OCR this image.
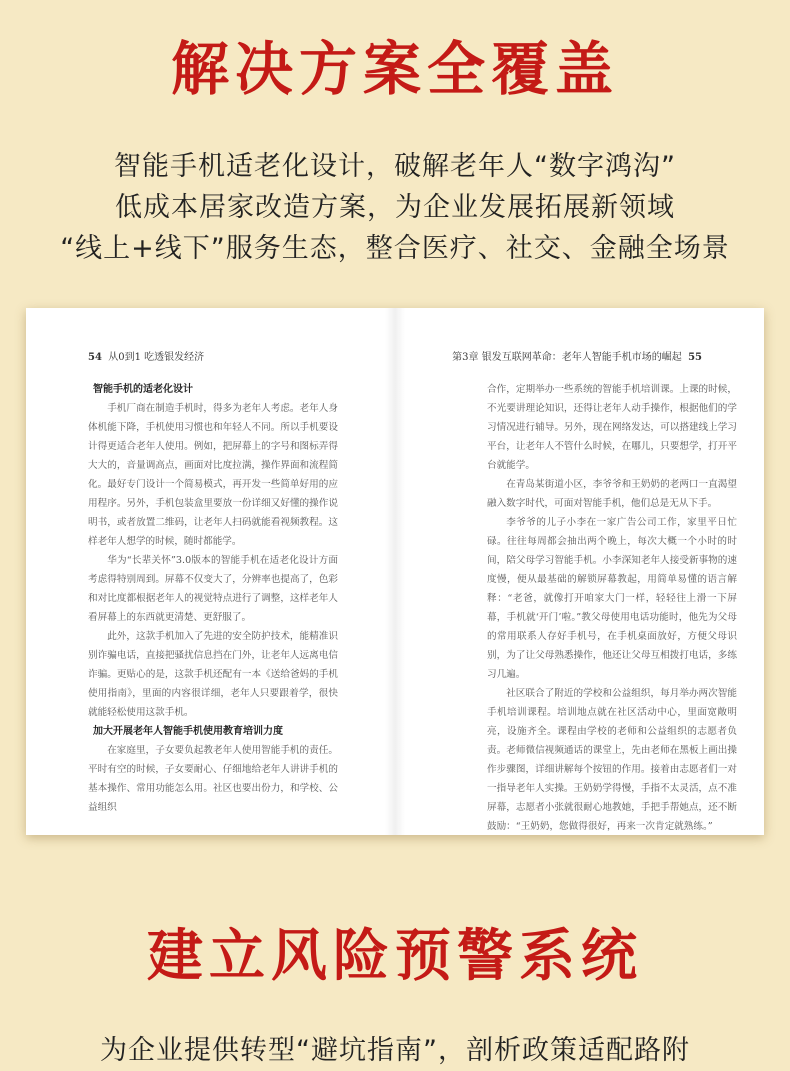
解决方案全覆盖
智能手机适老化设计，破解老年人“数字鸿沟”
低成本居家改造方案，为企业发展拓展新领域
“线上+线下”服务生态，整合医疗、社交、金融全场景
54 从0到1 吃透银发经济

智能手机的适老化设计

手机厂商在制造手机时，得多为老年人考虑。老年人身体机能下降，手机使用习惯也和年轻人不同。所以手机要设计得更适合老年人使用。例如，把屏幕上的字号和图标弄得大大的，音量调高点，画面对比度拉满，操作界面和流程简化。最好专门设计一个简易模式，再开发一些简单好用的应用程序。另外，手机包装盒里要放一份详细又好懂的操作说明书，或者放置二维码，让老年人扫码就能看视频教程。这样老年人想学的时候，随时都能学。

华为“长辈关怀”3.0版本的智能手机在适老化设计方面考虑得特别周到。屏幕不仅变大了，分辨率也提高了，色彩和对比度都根据老年人的视觉特点进行了调整，这样老年人看屏幕上的东西就更清楚、更舒服了。

此外，这款手机加入了先进的安全防护技术，能精准识别诈骗电话，直接把骚扰信息挡在门外，让老年人远离电信诈骗。更贴心的是，这款手机还配有一本《送给爸妈的手机使用指南》，里面的内容很详细，老年人只要跟着学，很快就能轻松使用这款手机。

加大开展老年人智能手机使用教育培训力度

在家庭里，子女要负起教老年人使用智能手机的责任。平时有空的时候，子女要耐心、仔细地给老年人讲讲手机的基本操作、常用功能怎么用。社区也要出份力，和学校、公益组织

第3章 银发互联网革命：老年人智能手机市场的崛起 55

合作，定期举办一些系统的智能手机培训课。上课的时候，不光要讲理论知识，还得让老年人动手操作，根据他们的学习情况进行辅导。另外，现在网络发达，可以搭建线上学习平台，让老年人不管什么时候，在哪儿，只要想学，打开平台就能学。

在青岛某街道小区，李爷爷和王奶奶的老两口一直渴望融入数字时代，可面对智能手机，他们总是无从下手。

李爷爷的儿子小李在一家广告公司工作，家里平日忙碌。往往每周都会抽出两个晚上，每次大概一个小时的时间，陪父母学习智能手机。小李深知老年人接受新事物的速度慢，便从最基础的解锁屏幕教起，用简单易懂的语言解释：“老爸，就像打开咱家大门一样，轻轻往上滑一下屏幕，手机就‘开门’啦。”教父母使用电话功能时，他先为父母的常用联系人存好手机号，在手机桌面放好，方便父母识别，为了让父母熟悉操作，他还让父母互相拨打电话，多练习几遍。

社区联合了附近的学校和公益组织，每月举办两次智能手机培训课程。培训地点就在社区活动中心，里面宽敞明亮，设施齐全。课程由学校的老师和公益组织的志愿者负责。老师微信视频通话的课堂上，先由老师在黑板上画出操作步骤图，详细讲解每个按钮的作用。接着由志愿者们一对一指导老年人实操。王奶奶学得慢，手指不太灵活，点不准屏幕，志愿者小张就很耐心地教她，手把手帮她点，还不断鼓励：“王奶奶，您做得很好，再来一次肯定就熟练。”

建立风险预警系统
为企业提供转型“避坑指南”，剖析政策适配路附
